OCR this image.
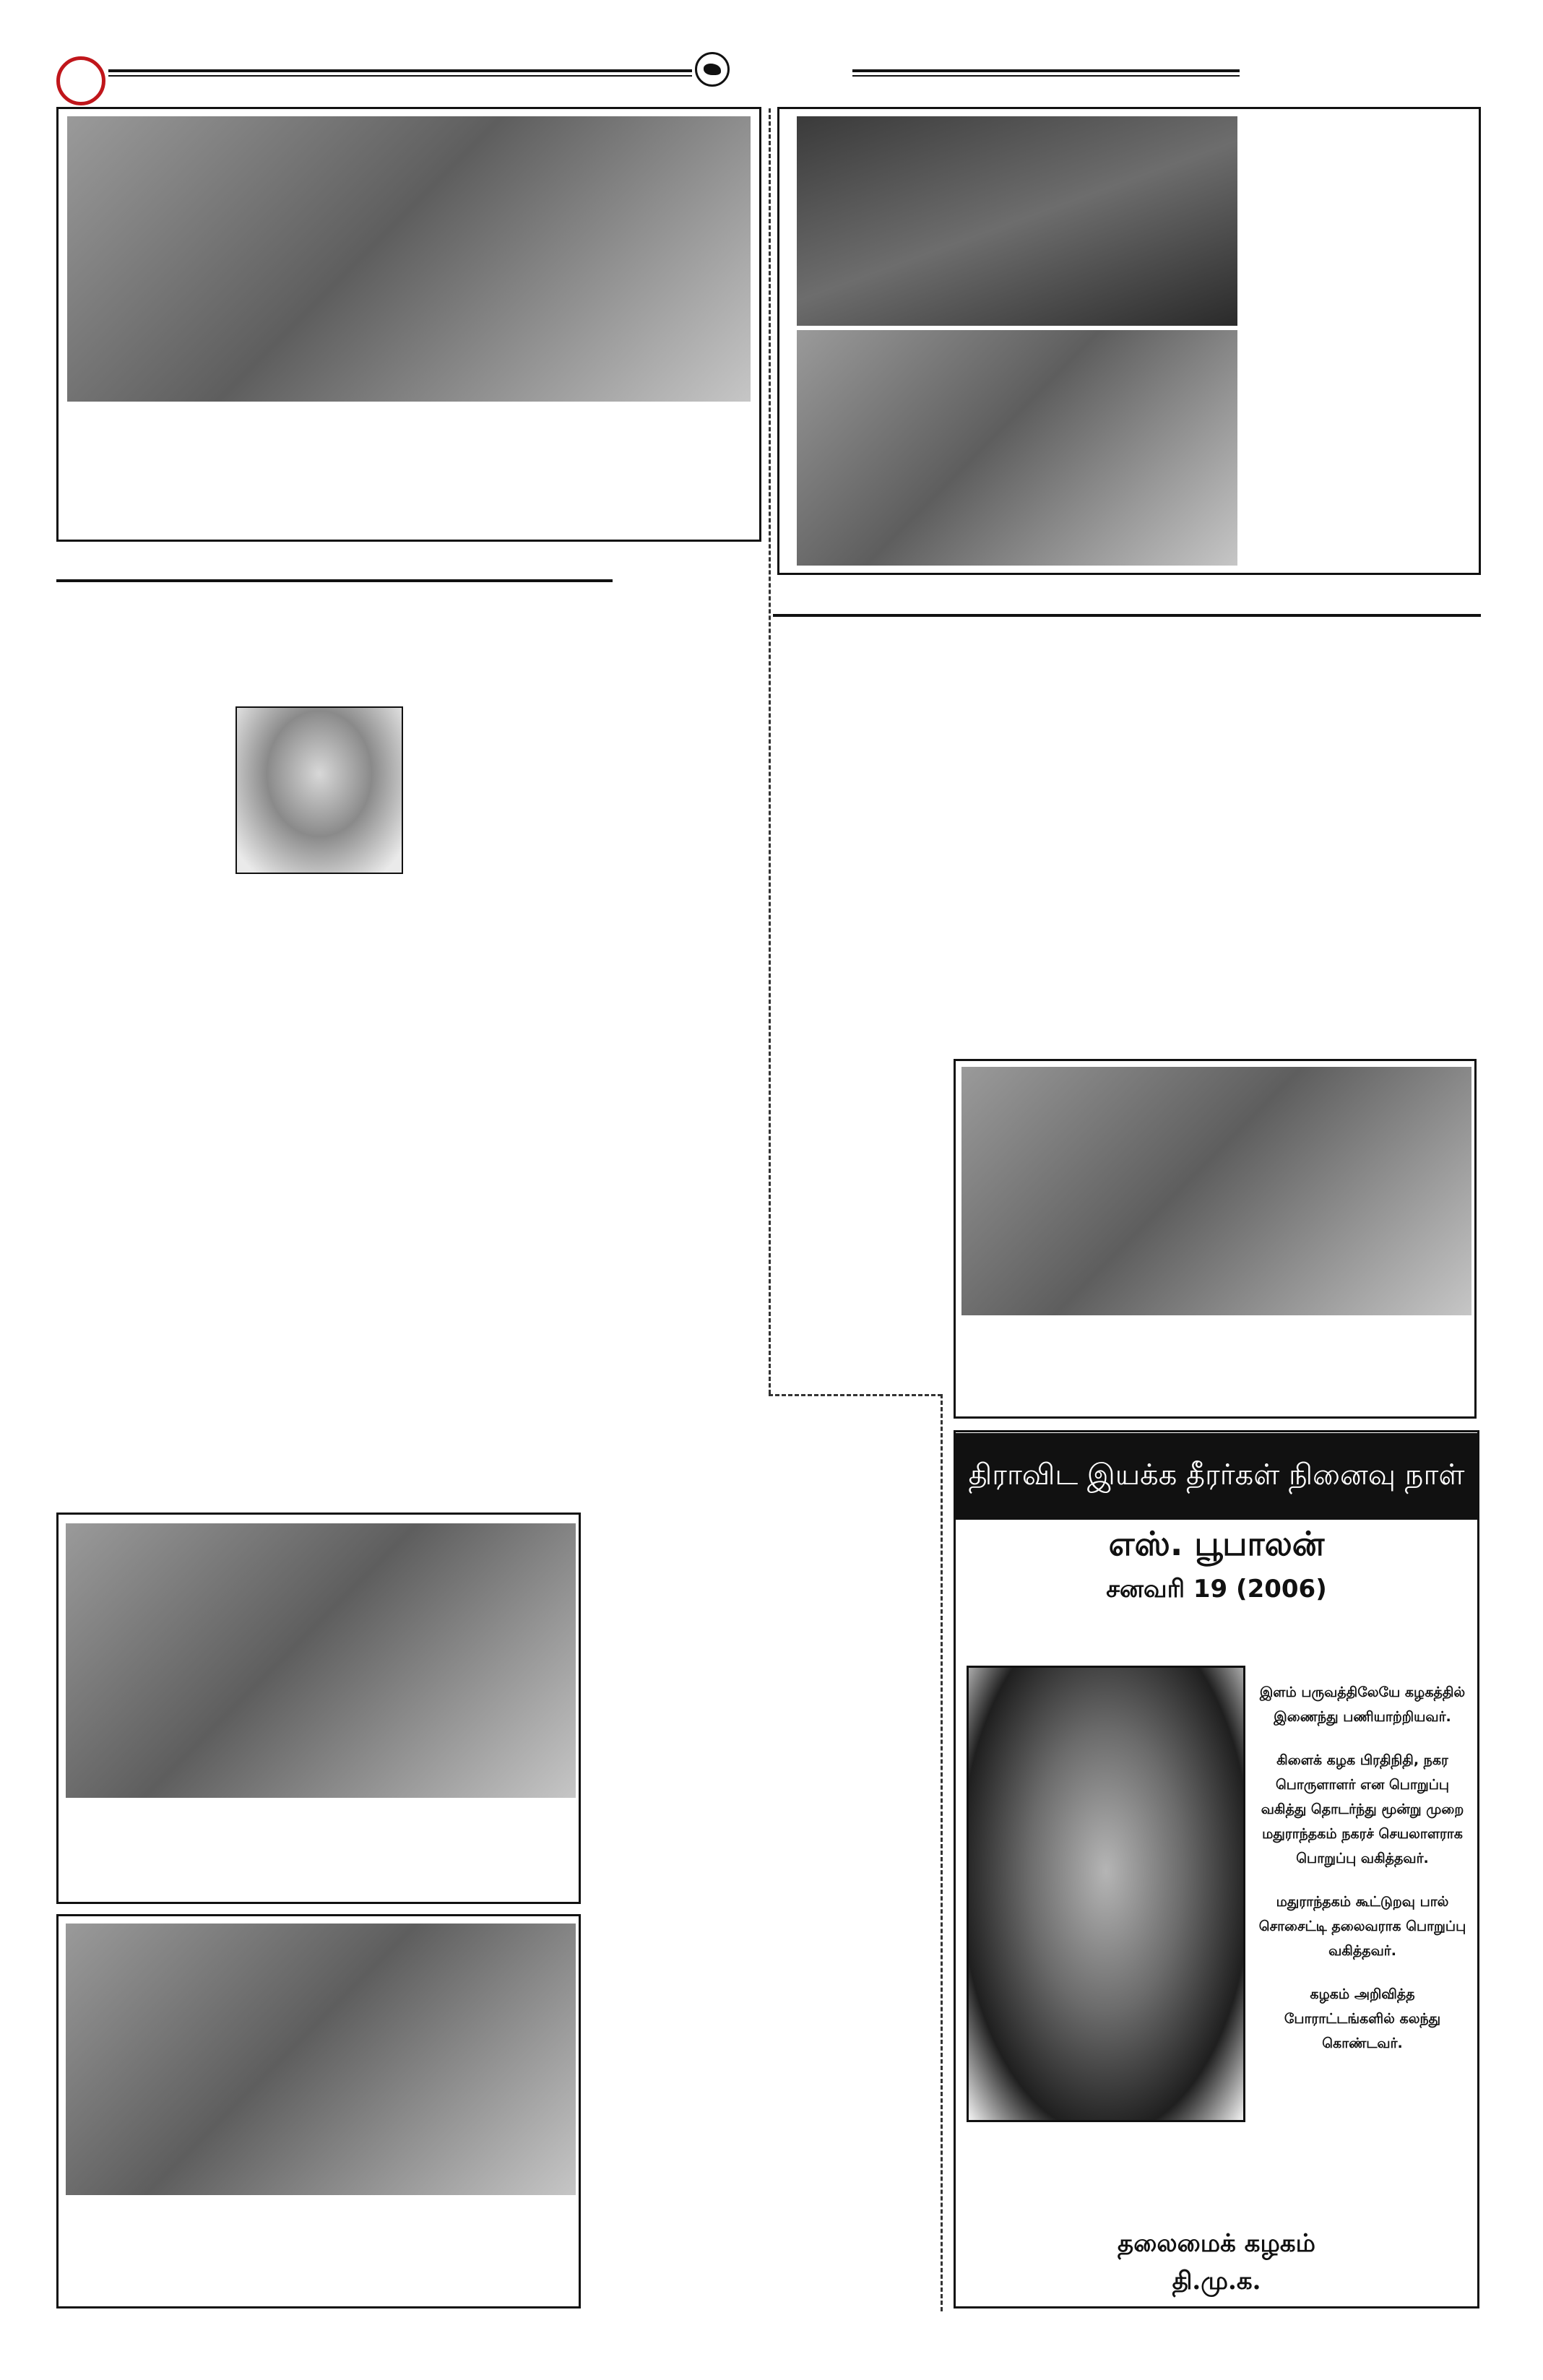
திராவிட இயக்க தீரர்கள் நினைவு நாள்
எஸ். பூபாலன்
சனவரி 19 (2006)

இளம் பருவத்திலேயே கழகத்தில் இணைந்து பணியாற்றியவர்.

கிளைக் கழக பிரதிநிதி, நகர பொருளாளர் என பொறுப்பு வகித்து தொடர்ந்து மூன்று முறை மதுராந்தகம் நகரச் செயலாளராக பொறுப்பு வகித்தவர்.

மதுராந்தகம் கூட்டுறவு பால் சொசைட்டி தலைவராக பொறுப்பு வகித்தவர்.

கழகம் அறிவித்த போராட்டங்களில் கலந்து கொண்டவர்.

தலைமைக் கழகம்
தி.மு.க.
